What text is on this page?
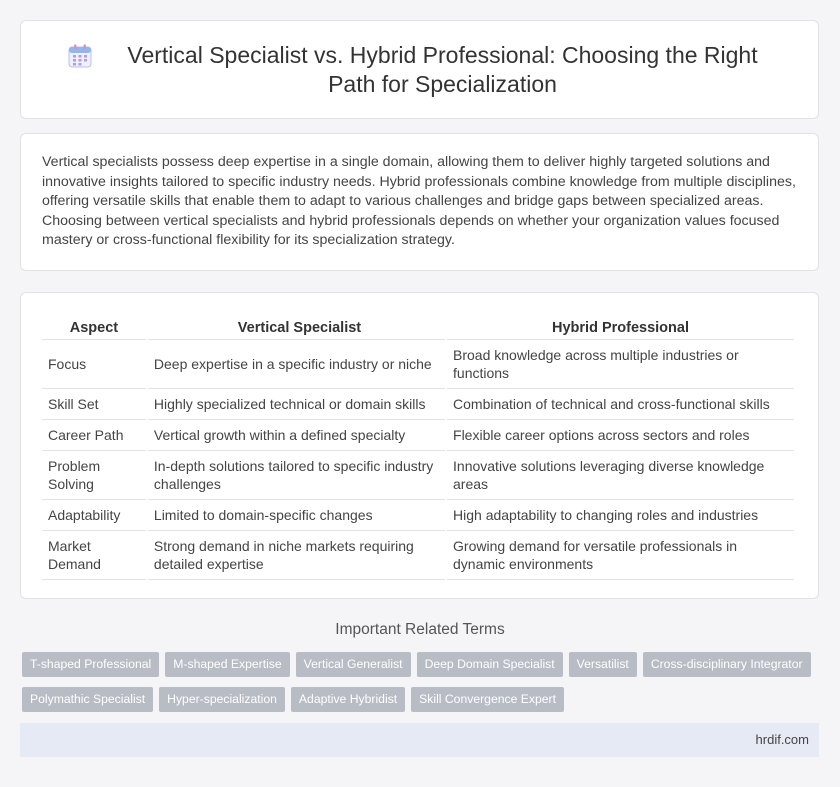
Vertical Specialist vs. Hybrid Professional: Choosing the Right Path for Specialization

Vertical specialists possess deep expertise in a single domain, allowing them to deliver highly targeted solutions and innovative insights tailored to specific industry needs. Hybrid professionals combine knowledge from multiple disciplines, offering versatile skills that enable them to adapt to various challenges and bridge gaps between specialized areas. Choosing between vertical specialists and hybrid professionals depends on whether your organization values focused mastery or cross-functional flexibility for its specialization strategy.

Aspect	Vertical Specialist	Hybrid Professional
Focus	Deep expertise in a specific industry or niche	Broad knowledge across multiple industries or functions
Skill Set	Highly specialized technical or domain skills	Combination of technical and cross-functional skills
Career Path	Vertical growth within a defined specialty	Flexible career options across sectors and roles
Problem Solving	In-depth solutions tailored to specific industry challenges	Innovative solutions leveraging diverse knowledge areas
Adaptability	Limited to domain-specific changes	High adaptability to changing roles and industries
Market Demand	Strong demand in niche markets requiring detailed expertise	Growing demand for versatile professionals in dynamic environments
Important Related Terms
T-shaped Professional	M-shaped Expertise	Vertical Generalist	Deep Domain Specialist	Versatilist	Cross-disciplinary Integrator
Polymathic Specialist	Hyper-specialization	Adaptive Hybridist	Skill Convergence Expert
hrdif.com
